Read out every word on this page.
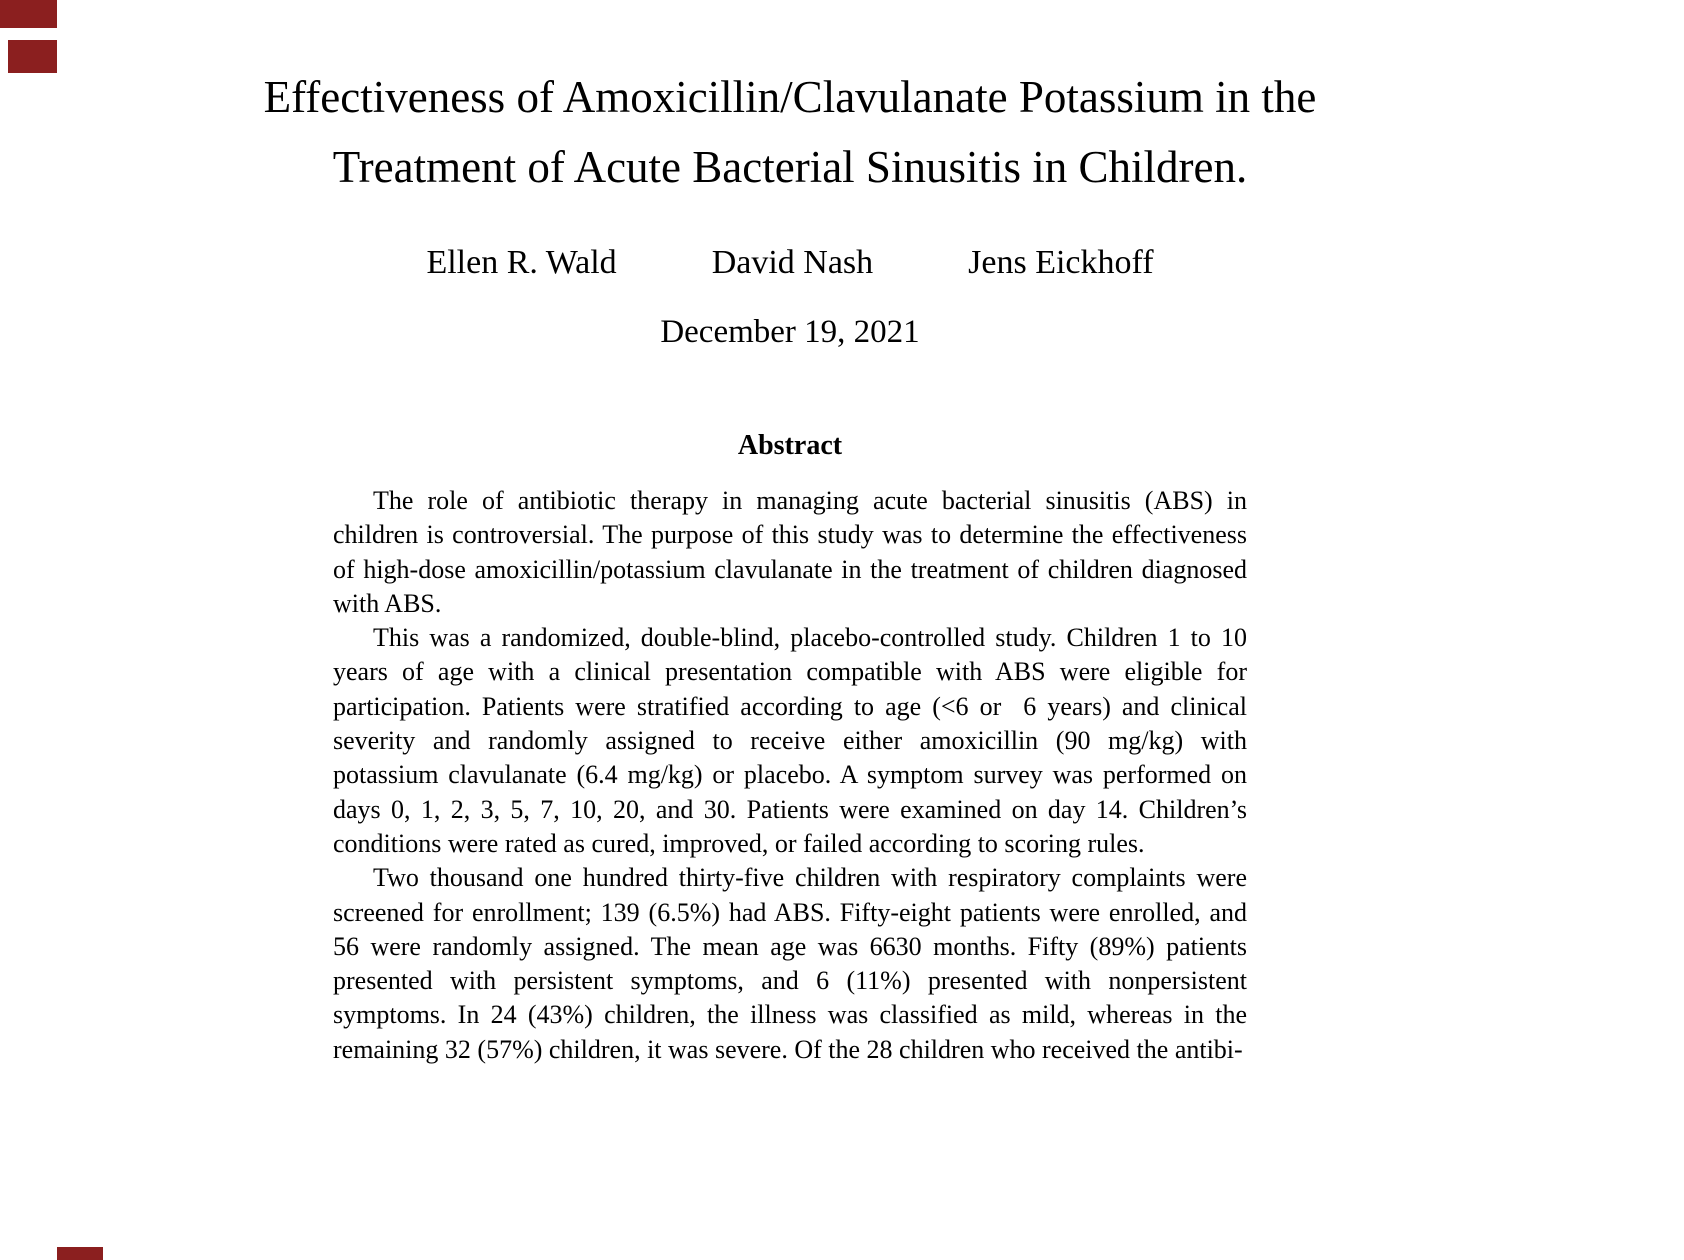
Effectiveness of Amoxicillin/Clavulanate Potassium in the Treatment of Acute Bacterial Sinusitis in Children.
Ellen R. Wald	David Nash	Jens Eickhoff
December 19, 2021
Abstract

The role of antibiotic therapy in managing acute bacterial sinusitis (ABS) in children is controversial. The purpose of this study was to determine the effectiveness of high-dose amoxicillin/potassium clavulanate in the treatment of children diagnosed with ABS.

This was a randomized, double-blind, placebo-controlled study. Children 1 to 10 years of age with a clinical presentation compatible with ABS were eligible for participation. Patients were stratified according to age (<6 or  6 years) and clinical severity and randomly assigned to receive either amoxicillin (90 mg/kg) with potassium clavulanate (6.4 mg/kg) or placebo. A symptom survey was performed on days 0, 1, 2, 3, 5, 7, 10, 20, and 30. Patients were examined on day 14. Children’s conditions were rated as cured, improved, or failed according to scoring rules.

Two thousand one hundred thirty-five children with respiratory complaints were screened for enrollment; 139 (6.5%) had ABS. Fifty-eight patients were enrolled, and 56 were randomly assigned. The mean age was 6630 months. Fifty (89%) patients presented with persistent symptoms, and 6 (11%) presented with nonpersistent symptoms. In 24 (43%) children, the illness was classified as mild, whereas in the remaining 32 (57%) children, it was severe. Of the 28 children who received the antibi-
